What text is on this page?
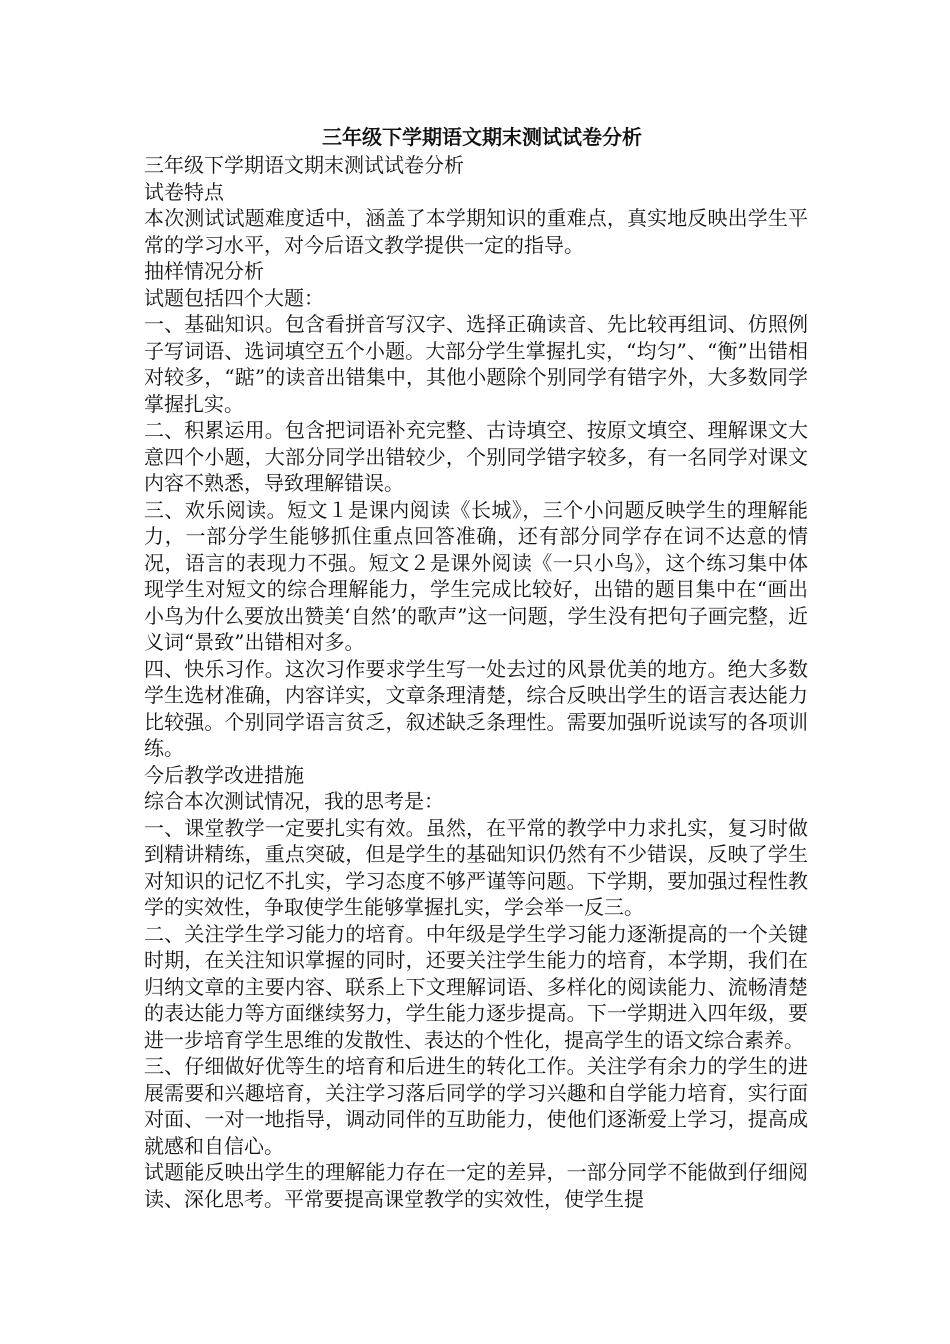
三年级下学期语文期末测试试卷分析

三年级下学期语文期末测试试卷分析

试卷特点

本次测试试题难度适中，涵盖了本学期知识的重难点，真实地反映出学生平常的学习水平，对今后语文教学提供一定的指导。

抽样情况分析

试题包括四个大题：

一、基础知识。包含看拼音写汉字、选择正确读音、先比较再组词、仿照例子写词语、选词填空五个小题。大部分学生掌握扎实，“均匀”、“衡”出错相对较多，“踮”的读音出错集中，其他小题除个别同学有错字外，大多数同学掌握扎实。

二、积累运用。包含把词语补充完整、古诗填空、按原文填空、理解课文大意四个小题，大部分同学出错较少，个别同学错字较多，有一名同学对课文内容不熟悉，导致理解错误。

三、欢乐阅读。短文１是课内阅读《长城》，三个小问题反映学生的理解能力，一部分学生能够抓住重点回答准确，还有部分同学存在词不达意的情况，语言的表现力不强。短文２是课外阅读《一只小鸟》，这个练习集中体现学生对短文的综合理解能力，学生完成比较好，出错的题目集中在“画出小鸟为什么要放出赞美‘自然’的歌声”这一问题，学生没有把句子画完整，近义词“景致”出错相对多。

四、快乐习作。这次习作要求学生写一处去过的风景优美的地方。绝大多数学生选材准确，内容详实，文章条理清楚，综合反映出学生的语言表达能力比较强。个别同学语言贫乏，叙述缺乏条理性。需要加强听说读写的各项训练。

今后教学改进措施

综合本次测试情况，我的思考是：

一、课堂教学一定要扎实有效。虽然，在平常的教学中力求扎实，复习时做到精讲精练，重点突破，但是学生的基础知识仍然有不少错误，反映了学生对知识的记忆不扎实，学习态度不够严谨等问题。下学期，要加强过程性教学的实效性，争取使学生能够掌握扎实，学会举一反三。

二、关注学生学习能力的培育。中年级是学生学习能力逐渐提高的一个关键时期，在关注知识掌握的同时，还要关注学生能力的培育，本学期，我们在归纳文章的主要内容、联系上下文理解词语、多样化的阅读能力、流畅清楚的表达能力等方面继续努力，学生能力逐步提高。下一学期进入四年级，要进一步培育学生思维的发散性、表达的个性化，提高学生的语文综合素养。

三、仔细做好优等生的培育和后进生的转化工作。关注学有余力的学生的进展需要和兴趣培育，关注学习落后同学的学习兴趣和自学能力培育，实行面对面、一对一地指导，调动同伴的互助能力，使他们逐渐爱上学习，提高成就感和自信心。

试题能反映出学生的理解能力存在一定的差异，一部分同学不能做到仔细阅读、深化思考。平常要提高课堂教学的实效性，使学生提
